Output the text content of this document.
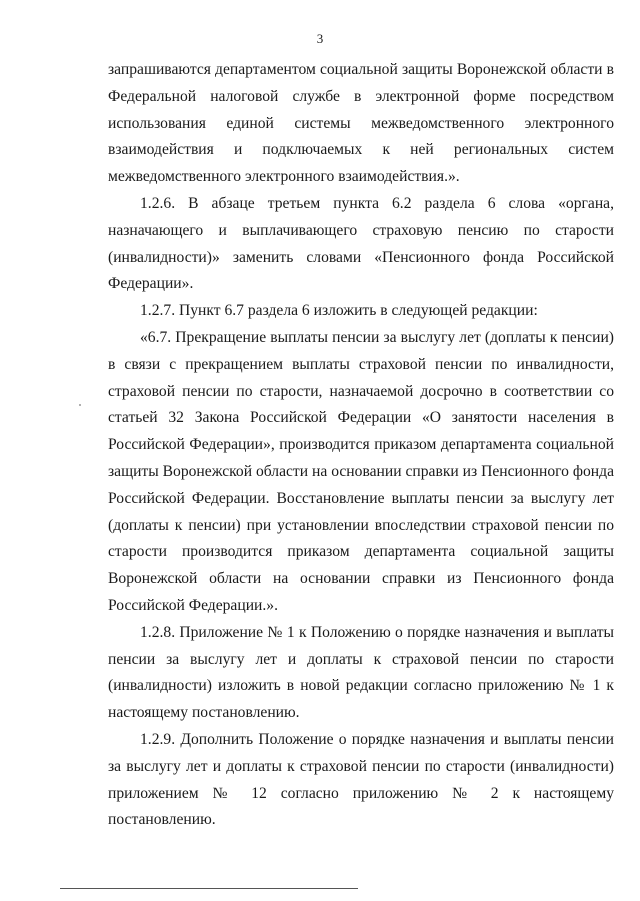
3

запрашиваются департаментом социальной защиты Воронежской области в Федеральной налоговой службе в электронной форме посредством использования единой системы межведомственного электронного взаимодействия и подключаемых к ней региональных систем межведомственного электронного взаимодействия.».

1.2.6. В абзаце третьем пункта 6.2 раздела 6 слова «органа, назначающего и выплачивающего страховую пенсию по старости (инвалидности)» заменить словами «Пенсионного фонда Российской Федерации».

1.2.7. Пункт 6.7 раздела 6 изложить в следующей редакции:

«6.7. Прекращение выплаты пенсии за выслугу лет (доплаты к пенсии) в связи с прекращением выплаты страховой пенсии по инвалидности, страховой пенсии по старости, назначаемой досрочно в соответствии со статьей 32 Закона Российской Федерации «О занятости населения в Российской Федерации», производится приказом департамента социальной защиты Воронежской области на основании справки из Пенсионного фонда Российской Федерации. Восстановление выплаты пенсии за выслугу лет (доплаты к пенсии) при установлении впоследствии страховой пенсии по старости производится приказом департамента социальной защиты Воронежской области на основании справки из Пенсионного фонда Российской Федерации.».

1.2.8. Приложение № 1 к Положению о порядке назначения и выплаты пенсии за выслугу лет и доплаты к страховой пенсии по старости (инвалидности) изложить в новой редакции согласно приложению № 1 к настоящему постановлению.

1.2.9. Дополнить Положение о порядке назначения и выплаты пенсии за выслугу лет и доплаты к страховой пенсии по старости (инвалидности) приложением № 12 согласно приложению № 2 к настоящему постановлению.
